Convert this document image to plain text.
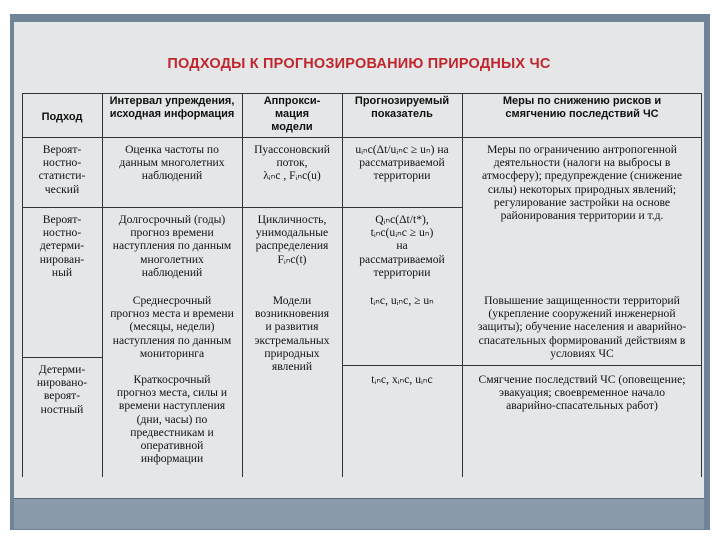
ПОДХОДЫ К ПРОГНОЗИРОВАНИЮ ПРИРОДНЫХ ЧС
Подход
Интервал упреждения,
исходная информация
Аппрокси-
мация
модели
Прогнозируемый
показатель
Меры по снижению рисков и
смягчению последствий ЧС
Вероят-
ностно-
статисти-
ческий
Оценка частоты по
данным многолетних
наблюдений
Пуассоновский
поток,
λᵢₙс , Fᵢₙс(u)
uᵢₙс(Δt/uᵢₙс ≥ uₙ) на
рассматриваемой
территории
Меры по ограничению антропогенной
деятельности (налоги на выбросы в
атмосферу); предупреждение (снижение
силы) некоторых природных явлений;
регулирование застройки на основе
районирования территории и т.д.
Вероят-
ностно-
детерми-
нирован-
ный
Долгосрочный (годы)
прогноз времени
наступления по данным
многолетних
наблюдений
Цикличность,
унимодальные
распределения
Fᵢₙс(t)
Qᵢₙс(Δt/t*),
tᵢₙс(uᵢₙс ≥ uₙ)
на
рассматриваемой
территории
Среднесрочный
прогноз места и времени
(месяцы, недели)
наступления по данным
мониторинга
Модели
возникновения
и развития
экстремальных
природных
явлений
tᵢₙс, uᵢₙс, ≥ uₙ	Повышение защищенности территорий
(укрепление сооружений инженерной
защиты); обучение населения и аварийно-
спасательных формирований действиям в
условиях ЧС
Детерми-
нировано-
вероят-
ностный
Краткосрочный
прогноз места, силы и
времени наступления
(дни, часы) по
предвестникам и
оперативной
информации
tᵢₙс, xᵢₙс, uᵢₙс	Смягчение последствий ЧС (оповещение;
эвакуация; своевременное начало
аварийно-спасательных работ)
